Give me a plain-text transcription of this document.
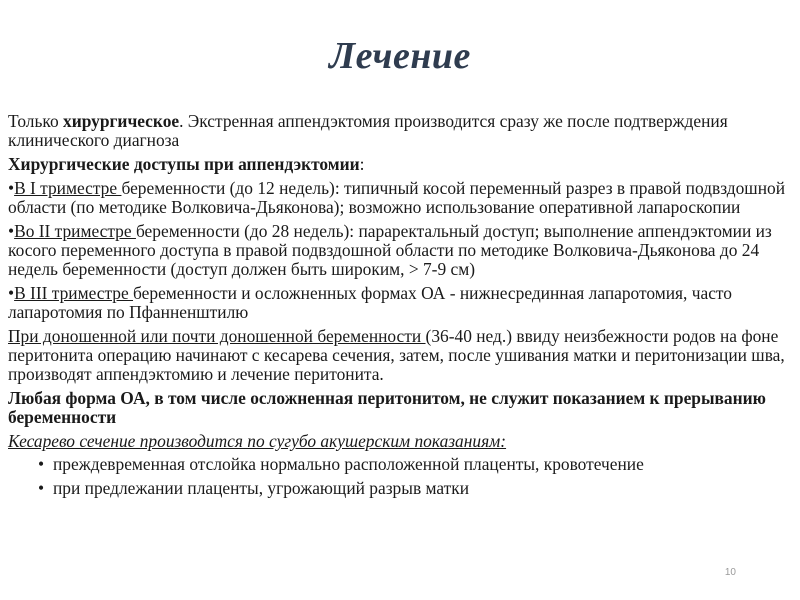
Лечение

Только хирургическое. Экстренная аппендэктомия производится сразу же после подтверждения клинического диагноза

Хирургические доступы при аппендэктомии:

•В I триместре беременности (до 12 недель): типичный косой переменный разрез в правой подвздошной области (по методике Волковича-Дьяконова); возможно использование оперативной лапароскопии

•Во II триместре беременности (до 28 недель): параректальный доступ; выполнение аппендэктомии из косого переменного доступа в правой подвздошной области по методике Волковича-Дьяконова до 24 недель беременности (доступ должен быть широким, > 7-9 см)

•В III триместре беременности и осложненных формах ОА - нижнесрединная лапаротомия, часто лапаротомия по Пфанненштилю

При доношенной или почти доношенной беременности (36-40 нед.) ввиду неизбежности родов на фоне перитонита операцию начинают с кесарева сечения, затем, после ушивания матки и перитонизации шва, производят аппендэктомию и лечение перитонита.

Любая форма ОА, в том числе осложненная перитонитом, не служит показанием к прерыванию беременности

Кесарево сечение производится по сугубо акушерским показаниям:

• преждевременная отслойка нормально расположенной плаценты, кровотечение
• при предлежании плаценты, угрожающий разрыв матки
10
